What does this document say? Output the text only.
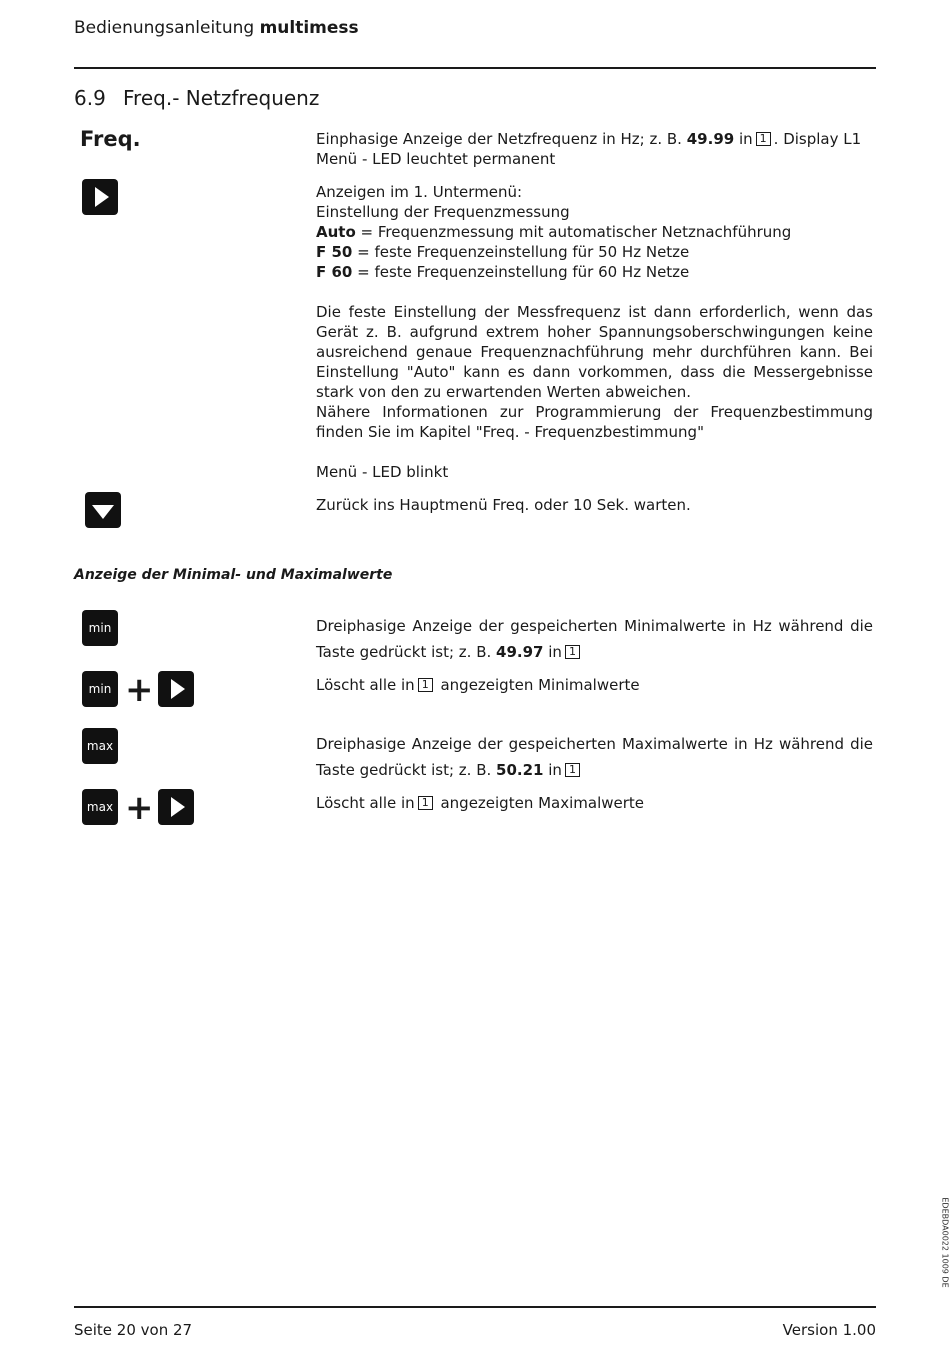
Bedienungsanleitung multimess
6.9 Freq.- Netzfrequenz
Freq.	Einphasige Anzeige der Netzfrequenz in Hz; z. B. 49.99 in 1 . Display L1
Menü - LED leuchtet permanent
Anzeigen im 1. Untermenü:
Einstellung der Frequenzmessung
Auto = Frequenzmessung mit automatischer Netznachführung
F 50 = feste Frequenzeinstellung für 50 Hz Netze
F 60 = feste Frequenzeinstellung für 60 Hz Netze
Die feste Einstellung der Messfrequenz ist dann erforderlich, wenn das Gerät z. B. aufgrund extrem hoher Spannungsoberschwingungen keine ausreichend genaue Frequenznachführung mehr durchführen kann. Bei Einstellung "Auto" kann es dann vorkommen, dass die Messergebnisse stark von den zu erwartenden Werten abweichen.
Nähere Informationen zur Programmierung der Frequenzbestimmung finden Sie im Kapitel "Freq. - Frequenzbestimmung"
Menü - LED blinkt
Zurück ins Hauptmenü Freq. oder 10 Sek. warten.
Anzeige der Minimal- und Maximalwerte
min	Dreiphasige Anzeige der gespeicherten Minimalwerte in Hz während die Taste gedrückt ist; z. B. 49.97 in 1
min +	Löscht alle in 1 angezeigten Minimalwerte
max	Dreiphasige Anzeige der gespeicherten Maximalwerte in Hz während die Taste gedrückt ist; z. B. 50.21 in 1
max +	Löscht alle in 1 angezeigten Maximalwerte
EDEBDA0022 1009 DE
Seite 20 von 27	Version 1.00
